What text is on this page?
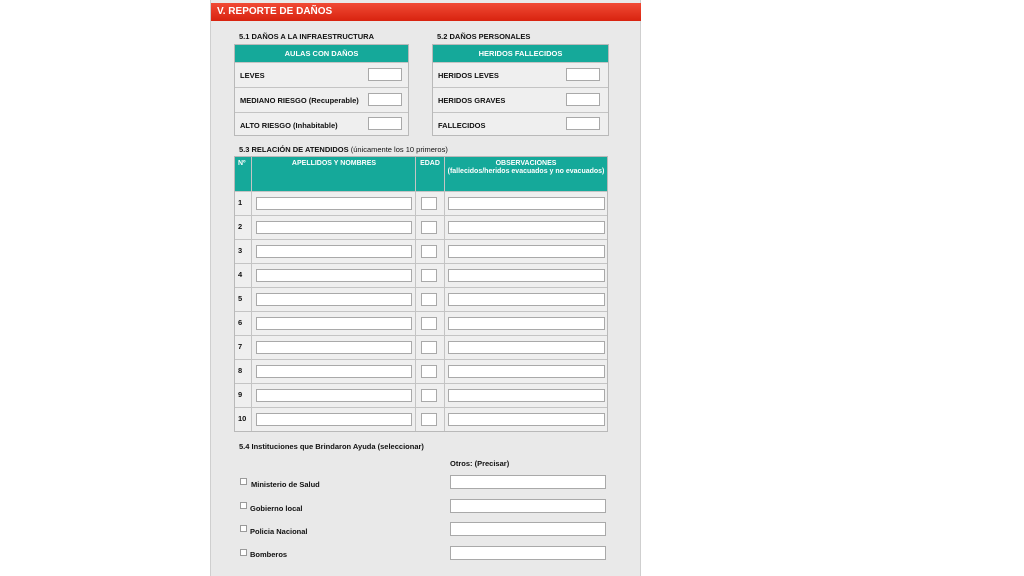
V. REPORTE DE DAÑOS
5.1 DAÑOS A LA INFRAESTRUCTURA
AULAS CON DAÑOS
LEVES
MEDIANO RIESGO (Recuperable)
ALTO RIESGO (Inhabitable)
5.2 DAÑOS PERSONALES
HERIDOS FALLECIDOS
HERIDOS LEVES
HERIDOS GRAVES
FALLECIDOS
5.3 RELACIÓN DE ATENDIDOS (únicamente los 10 primeros)
Nº	APELLIDOS Y NOMBRES	EDAD	OBSERVACIONES
(fallecidos/heridos evacuados y no evacuados)
1
2
3
4
5
6
7
8
9
10
5.4 Instituciones que Brindaron Ayuda (seleccionar)
Otros: (Precisar)
Ministerio de Salud
Gobierno local
Policia Nacional
Bomberos
